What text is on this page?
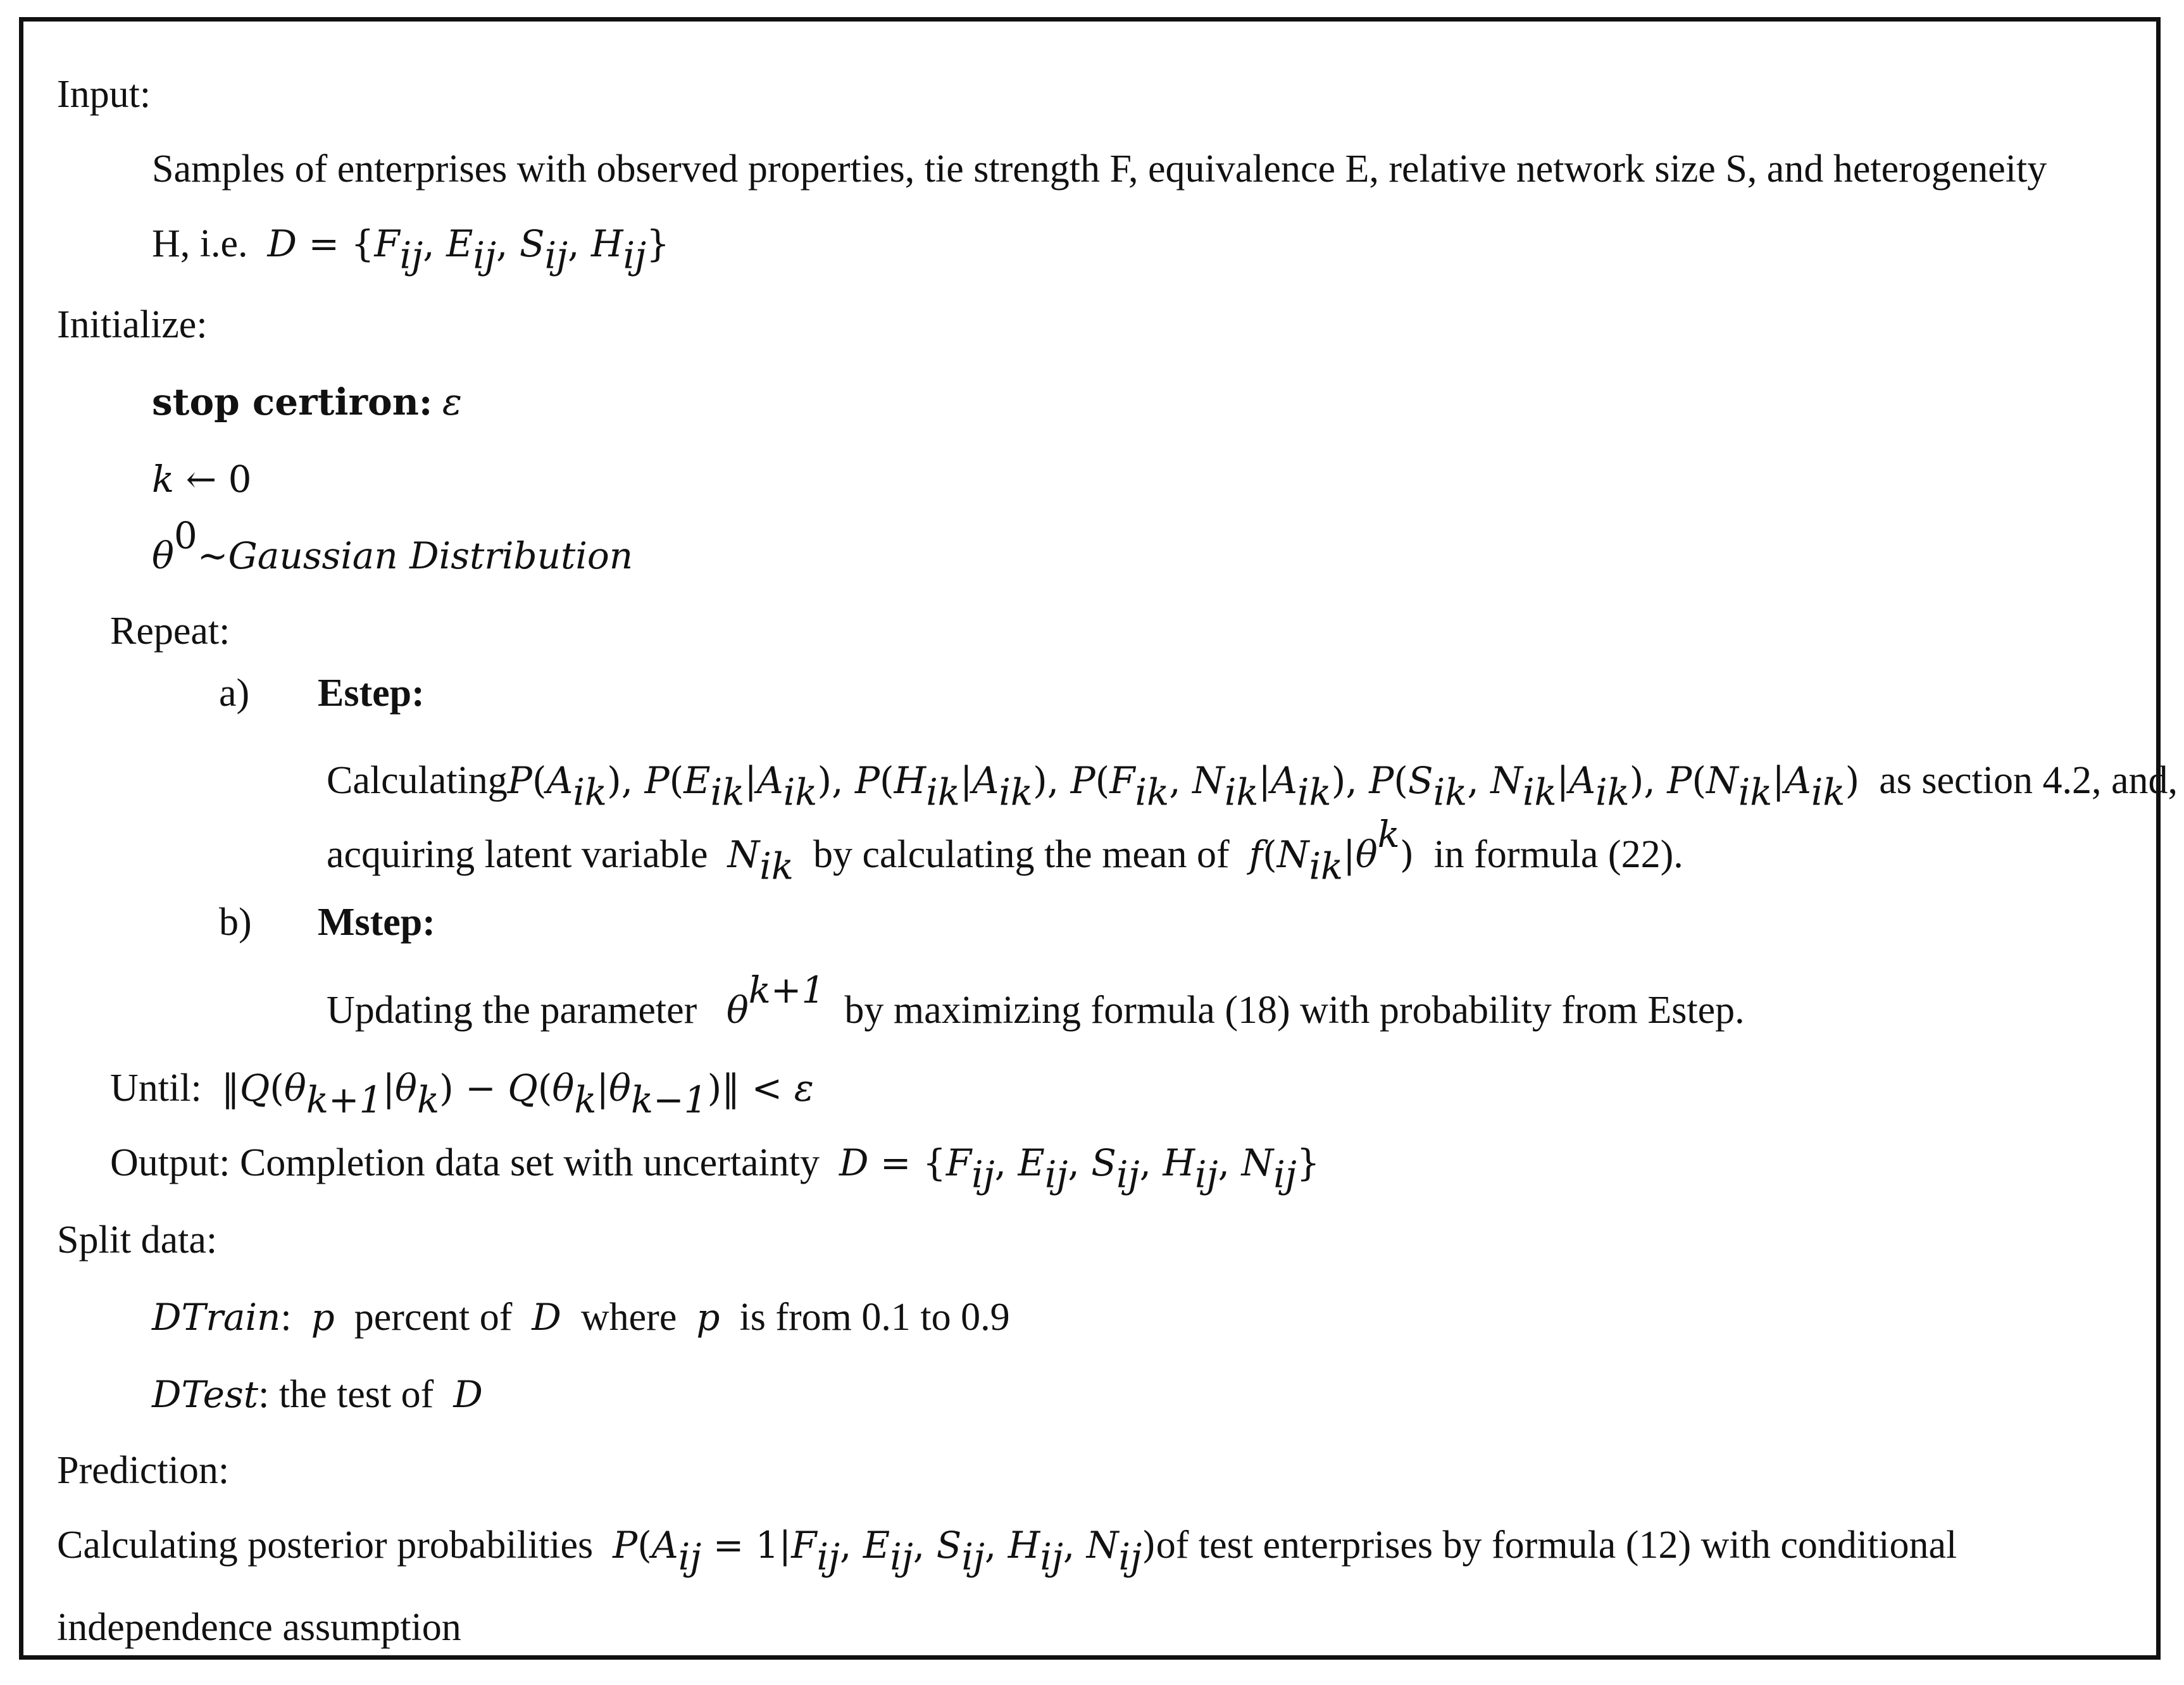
Input:
Samples of enterprises with observed properties, tie strength F, equivalence E, relative network size S, and heterogeneity
H, i.e. $D = \{F_{ij}$, $E_{ij}$, $S_{ij}$, $H_{ij}$}
Initialize:
stop certiron: ε
k ← 0
$\theta^0\sim Gaussian$ Distribution
Repeat:
a) Estep:
$CalculatingP(A_{ik})$, $P(E_{ik}|A_{ik})$, $P(H_{ik}|A_{ik})$, $P(F_{ik}$, $N_{ik}|A_{ik}$), $P(S_{ik}$, $N_{ik}|A_{ik}$), $P(N_{ik}|A_{ik})$ as section 4.2, and,
acquiring latent variable $N_{ik}$ by calculating the mean of $f(N_{ik}|\theta^k)$ in formula (22).
b) Mstep:
Updating the parameter $\theta^{k+1}$ by maximizing formula (18) with probability from Estep.
Until: $‖Q(\theta_{k+1}|\theta_k)$ − $Q(\theta_k|\theta_{k-1})‖ < \varepsilon$
Output: Completion data set with uncertainty $D = \{F_{ij}$, $E_{ij}$, $S_{ij}$, $H_{ij}$, $N_{ij}$}
Split data:
DTrain: p percent of D where p is from 0.1 to 0.9
DTest: the test of D
Prediction:
Calculating posterior probabilities $P(A_{ij} = 1|F_{ij}$, $E_{ij}$, $S_{ij}$, $H_{ij}$, $N_{ij})of$ test enterprises by formula (12) with conditional
independence assumption
